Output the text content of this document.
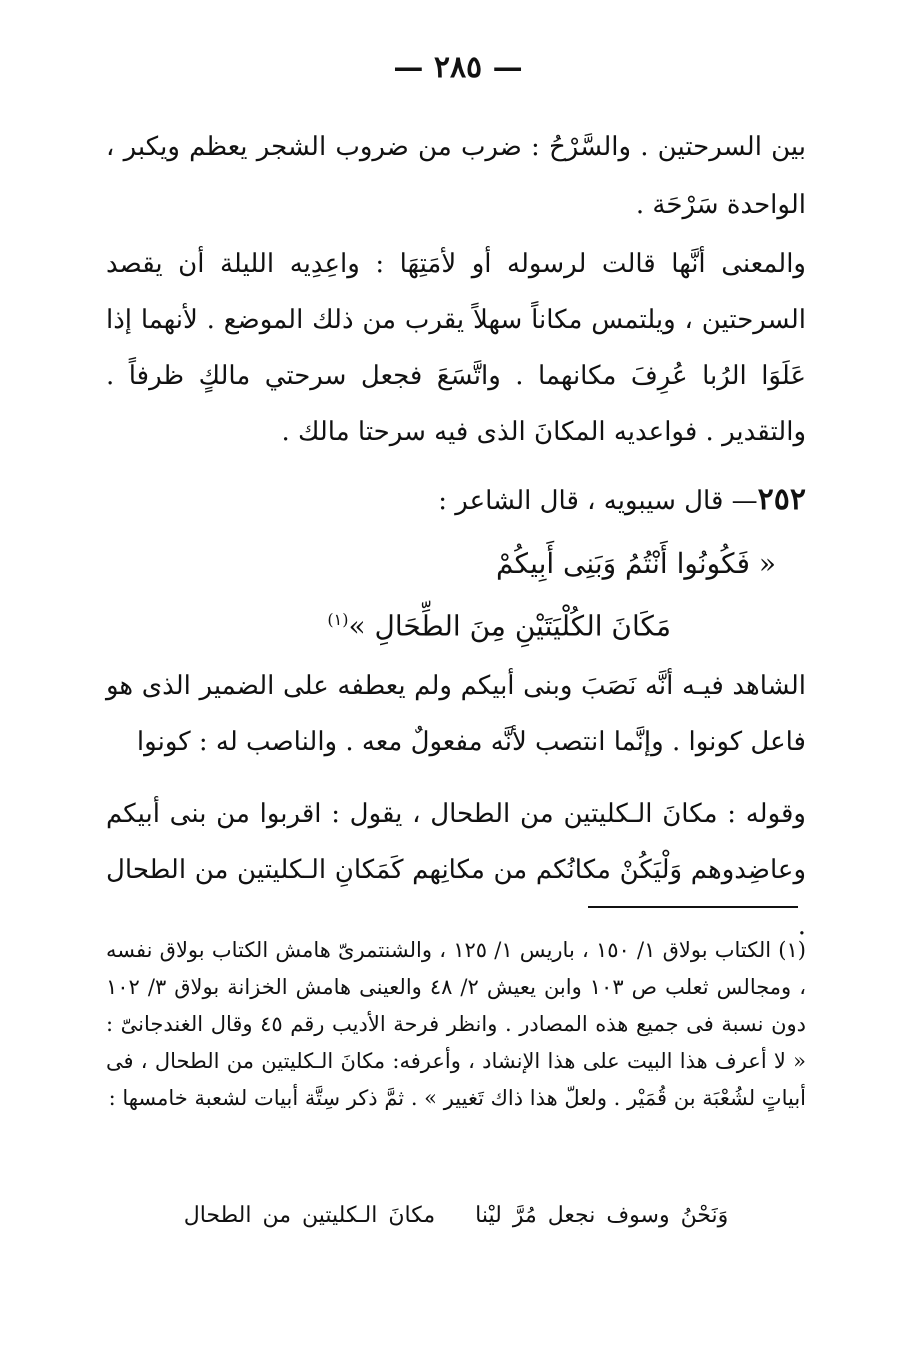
— ٢٨٥ —
بين السرحتين . والسَّرْحُ : ضرب من ضروب الشجر يعظم ويكبر ، الواحدة سَرْحَة .
والمعنى أنَّها قالت لرسوله أو لأمَتِهَا : واعِدِيه الليلة أن يقصد السرحتين ، ويلتمس مكاناً سهلاً يقرب من ذلك الموضع . لأنهما إذا عَلَوَا الرُبا عُرِفَ مكانهما . واتَّسَعَ فجعل سرحتي مالكٍ ظرفاً . والتقدير . فواعديه المكانَ الذى فيه سرحتا مالك .
٢٥٢— قال سيبويه ، قال الشاعر :
« فَكُونُوا أَنْتُمُ وَبَنِى أَبِيكُمْ
مَكَانَ الكُلْيَتَيْنِ مِنَ الطِّحَالِ »$^{(١)}$
الشاهد فيـه أنَّه نَصَبَ وبنى أبيكم ولم يعطفه على الضمير الذى هو فاعل كونوا . وإنَّما انتصب لأنَّه مفعولٌ معه . والناصب له : كونوا
وقوله : مكانَ الـكليتين من الطحال ، يقول : اقربوا من بنى أبيكم وعاضِدوهم وَلْيَكُنْ مكانُكم من مكانِهم كَمَكانِ الـكليتين من الطحال .
(١) الكتاب بولاق ١/ ١٥٠ ، باريس ١/ ١٢٥ ، والشنتمرىّ هامش الكتاب بولاق نفسه ، ومجالس ثعلب ص ١٠٣ وابن يعيش ٢/ ٤٨ والعينى هامش الخزانة بولاق ٣/ ١٠٢ دون نسبة فى جميع هذه المصادر . وانظر فرحة الأديب رقم ٤٥ وقال الغندجانىّ : « لا أعرف هذا البيت على هذا الإنشاد ، وأعرفه: مكانَ الـكليتين من الطحال ، فى أبياتٍ لشُعْبَة بن قُمَيْر . ولعلّ هذا ذاك تَغيير » . ثمَّ ذكر سِتَّة أبيات لشعبة خامسها :
وَنَحْنُ وسوف نجعل مُرَّ ليْنامكانَ الـكليتين من الطحال
